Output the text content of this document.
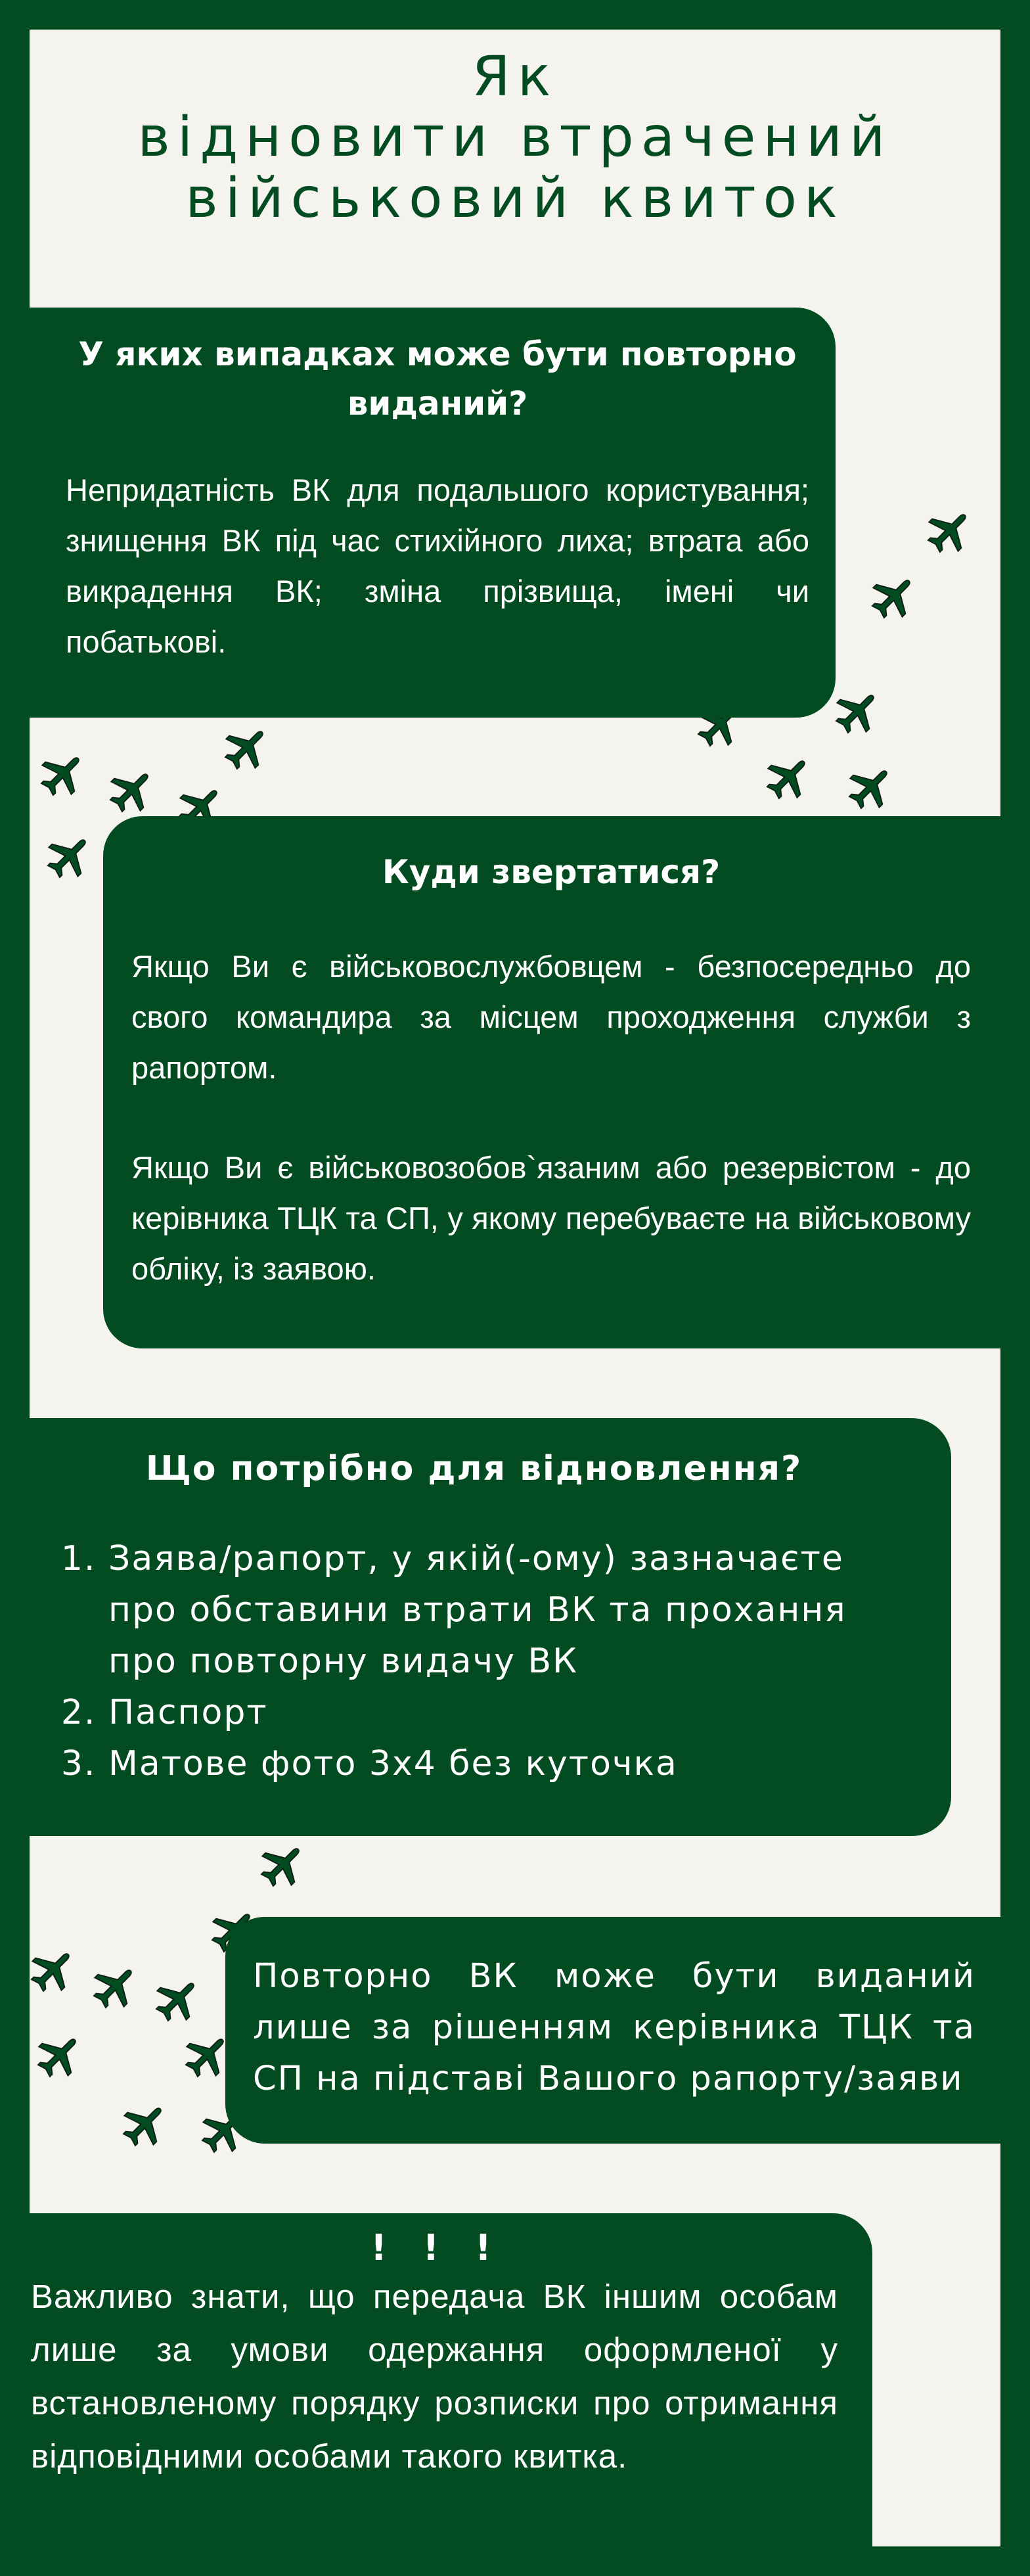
Як
відновити втрачений
військовий квиток
У яких випадках може бути повторно виданий?

Непридатність ВК для подальшого користування; знищення ВК під час стихійного лиха; втрата або викрадення ВК; зміна прізвища, імені чи побатькові.

Куди звертатися?

Якщо Ви є військовослужбовцем - безпосередньо до свого командира за місцем проходження служби з рапортом.

Якщо Ви є військовозобов`язаним або резервістом - до керівника ТЦК та СП, у якому перебуваєте на військовому обліку, із заявою.

Що потрібно для відновлення?
1. Заява/рапорт, у якій(-ому) зазначаєте про обставини втрати ВК та прохання про повторну видачу ВК
2. Паспорт
3. Матове фото 3х4 без куточка

Повторно ВК може бути виданий лише за рішенням керівника ТЦК та СП на підставі Вашого рапорту/заяви

! ! !

Важливо знати, що передача ВК іншим особам лише за умови одержання оформленої у встановленому порядку розписки про отримання відповідними особами такого квитка.
